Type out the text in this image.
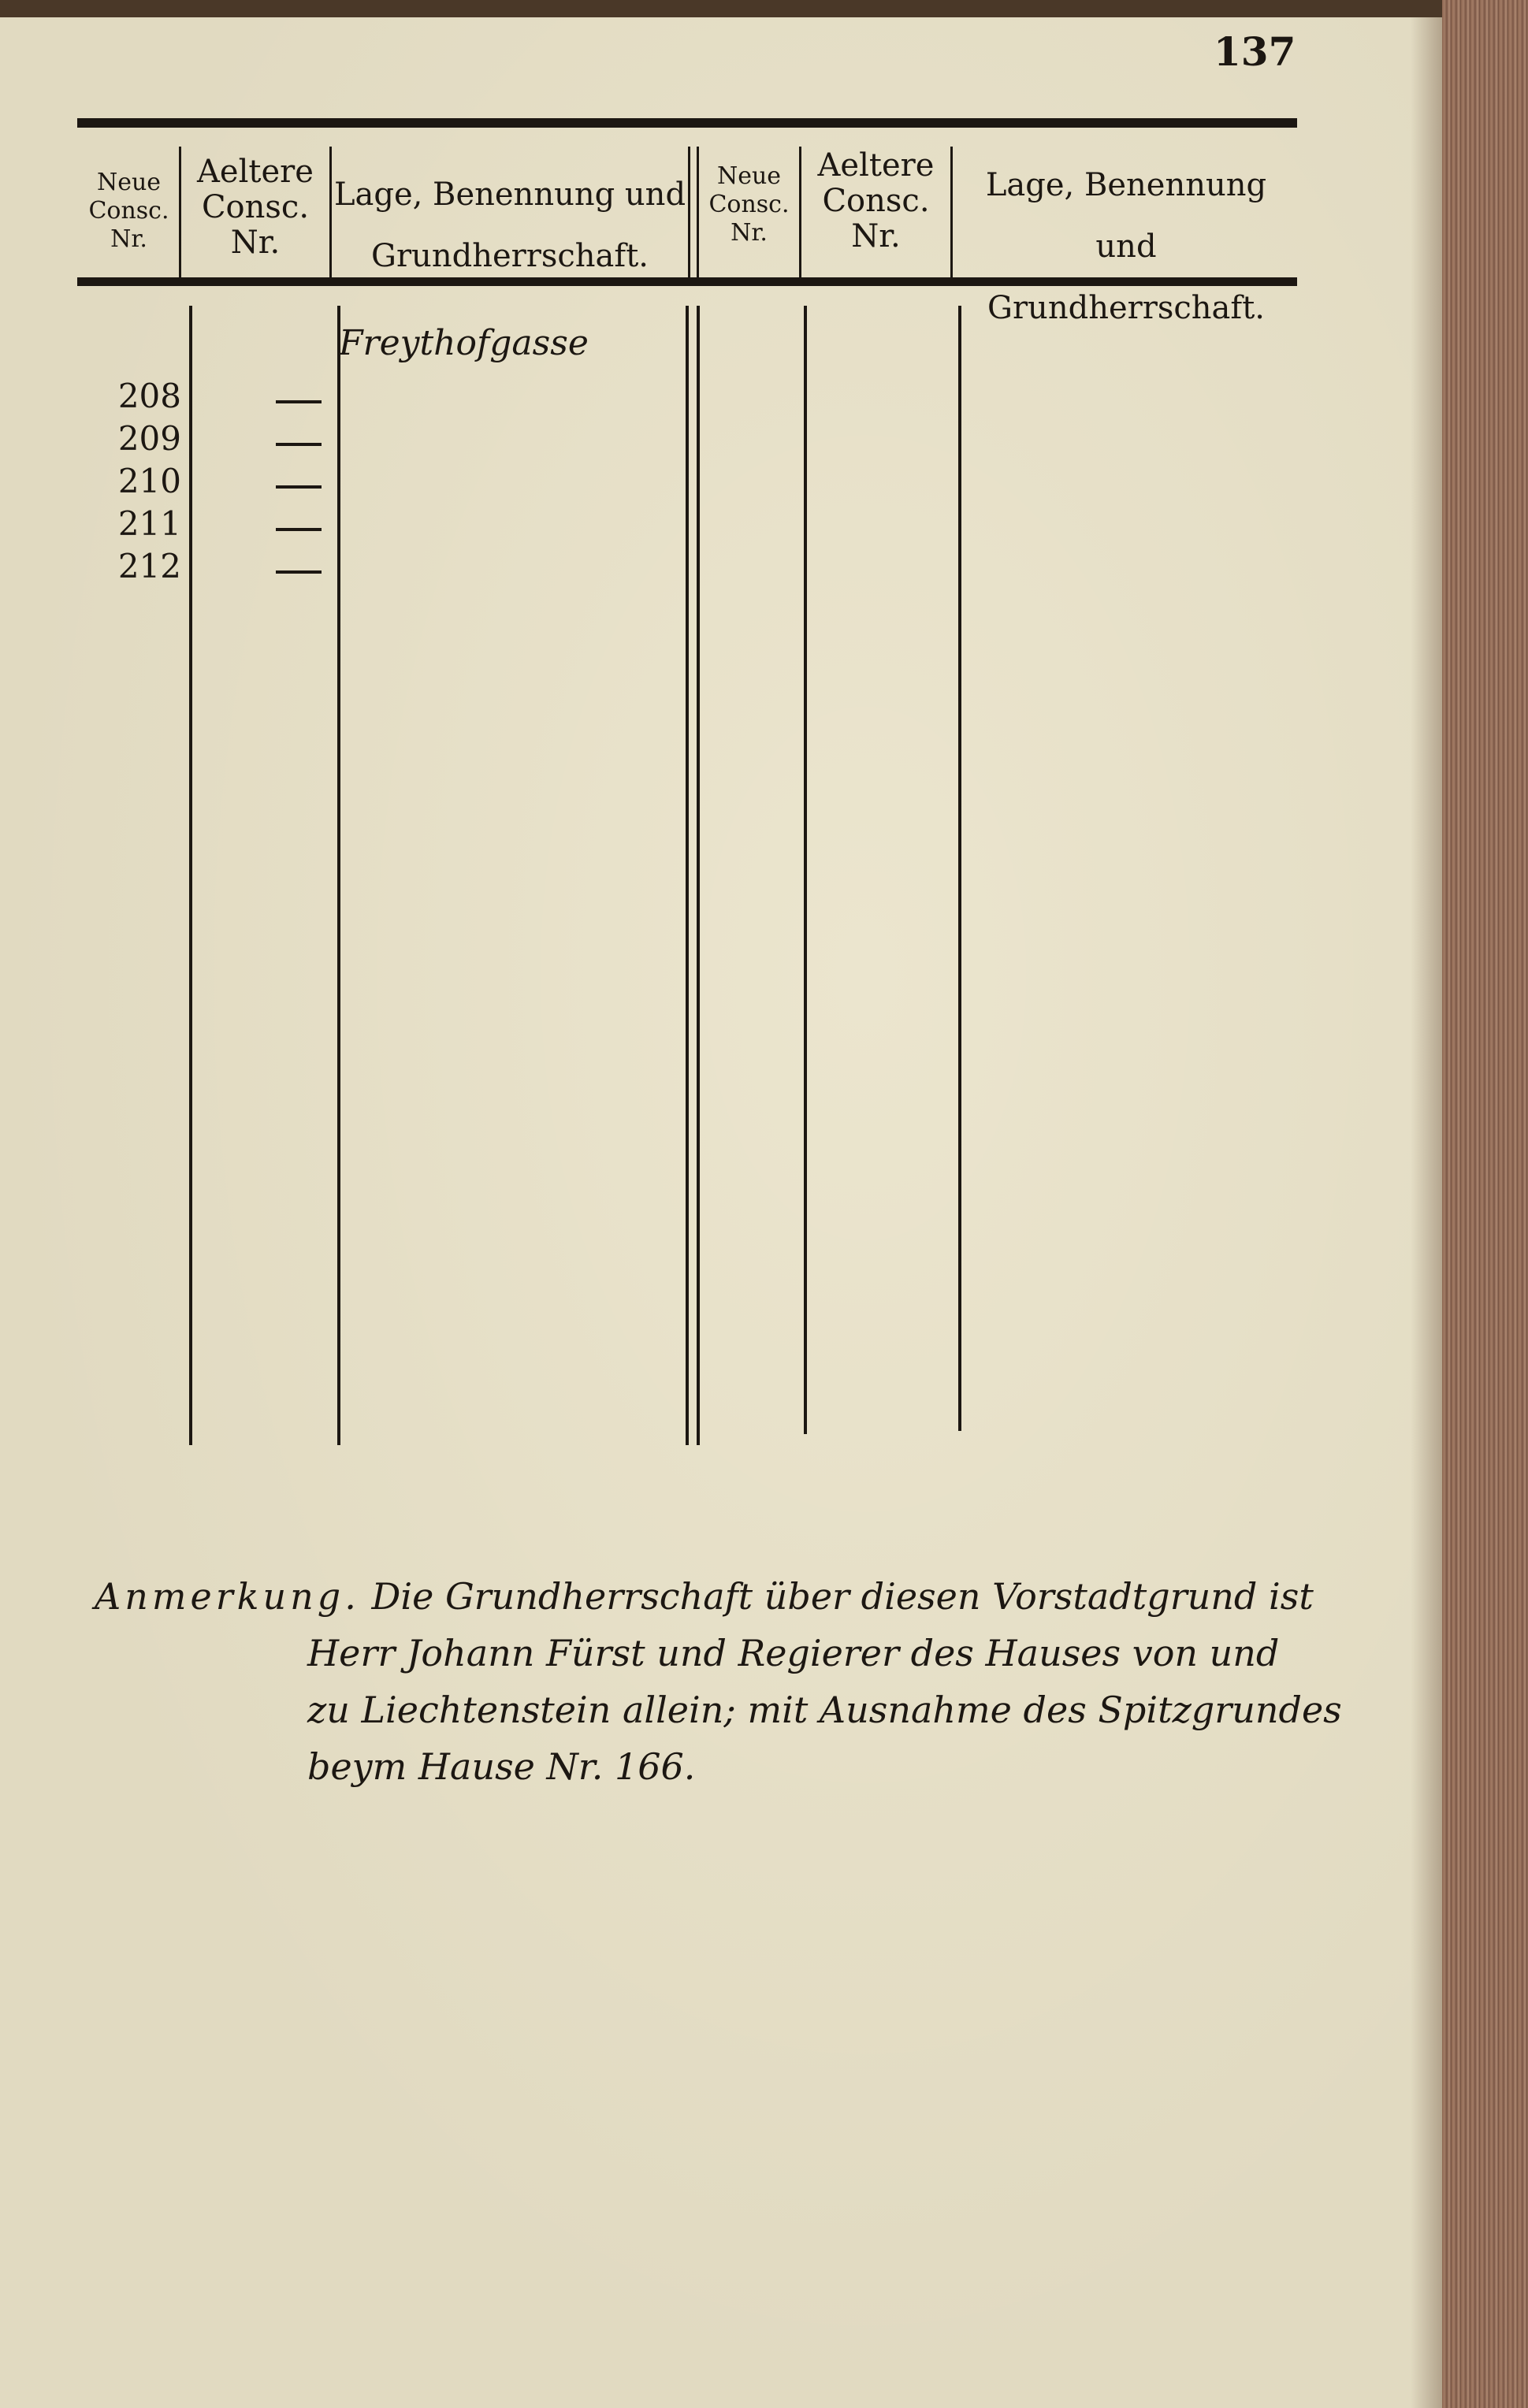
137
Neue
Consc.
Nr.
Aeltere
Consc.
Nr.
Lage, Benennung und
Grundherrschaft.
Neue
Consc.
Nr.
Aeltere
Consc.
Nr.
Lage, Benennung und
Grundherrschaft.
Freythofgasse
208
209
210
211
212
Anmerkung. Die Grundherrschaft über diesen Vorstadtgrund ist
Herr Johann Fürst und Regierer des Hauses von und
zu Liechtenstein allein; mit Ausnahme des Spitzgrundes
beym Hause Nr. 166.
